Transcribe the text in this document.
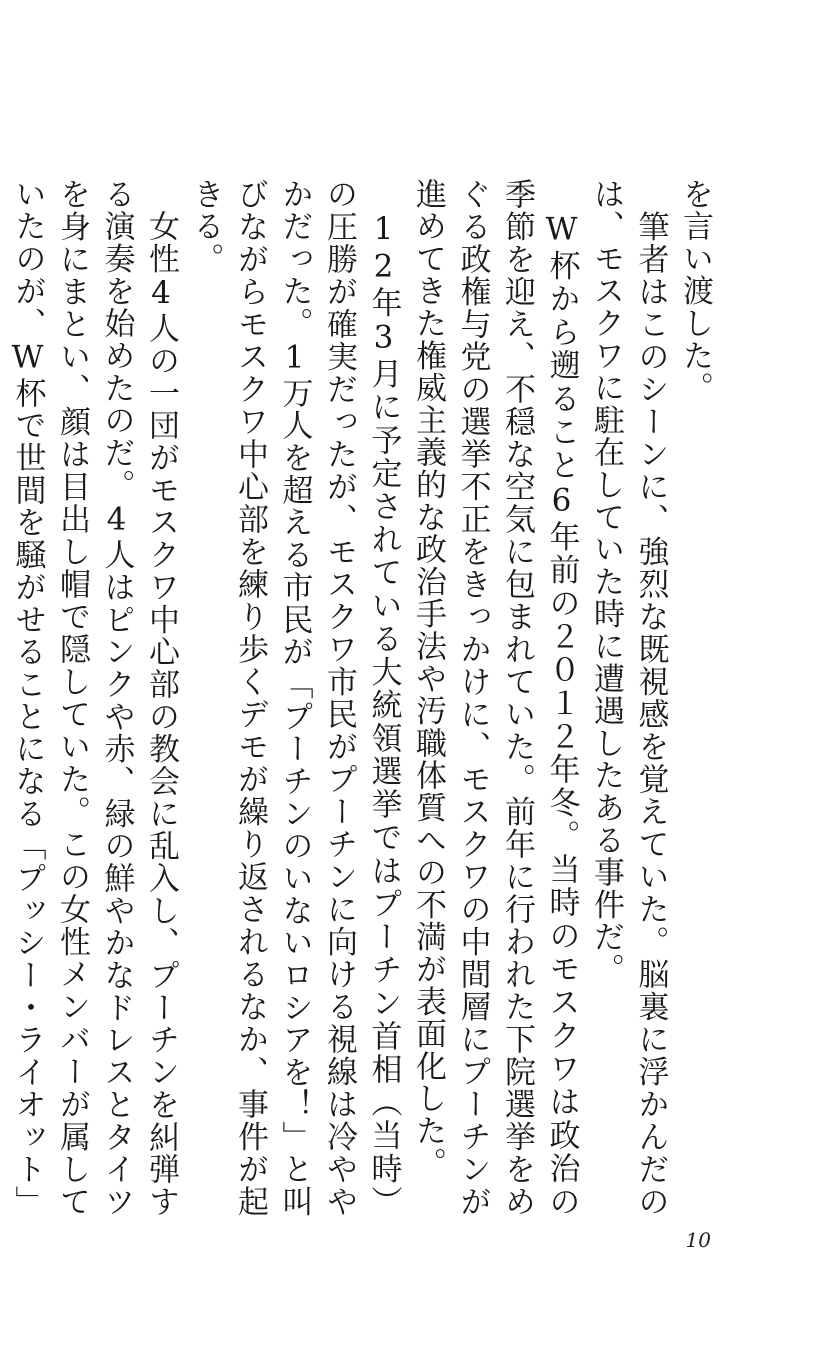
を言い渡した。

　筆者はこのシーンに、強烈な既視感を覚えていた。脳裏に浮かんだのは、モスクワに駐在していた時に遭遇したある事件だ。

　W杯から遡ること6年前の２０１２年冬。当時のモスクワは政治の季節を迎え、不穏な空気に包まれていた。前年に行われた下院選挙をめぐる政権与党の選挙不正をきっかけに、モスクワの中間層にプーチンが進めてきた権威主義的な政治手法や汚職体質への不満が表面化した。

　12年3月に予定されている大統領選挙ではプーチン首相（当時）の圧勝が確実だったが、モスクワ市民がプーチンに向ける視線は冷ややかだった。1万人を超える市民が「プーチンのいないロシアを！」と叫びながらモスクワ中心部を練り歩くデモが繰り返されるなか、事件が起きる。

　女性4人の一団がモスクワ中心部の教会に乱入し、プーチンを糾弾する演奏を始めたのだ。4人はピンクや赤、緑の鮮やかなドレスとタイツを身にまとい、顔は目出し帽で隠していた。この女性メンバーが属していたのが、W杯で世間を騒がせることになる「プッシー・ライオット」

10
